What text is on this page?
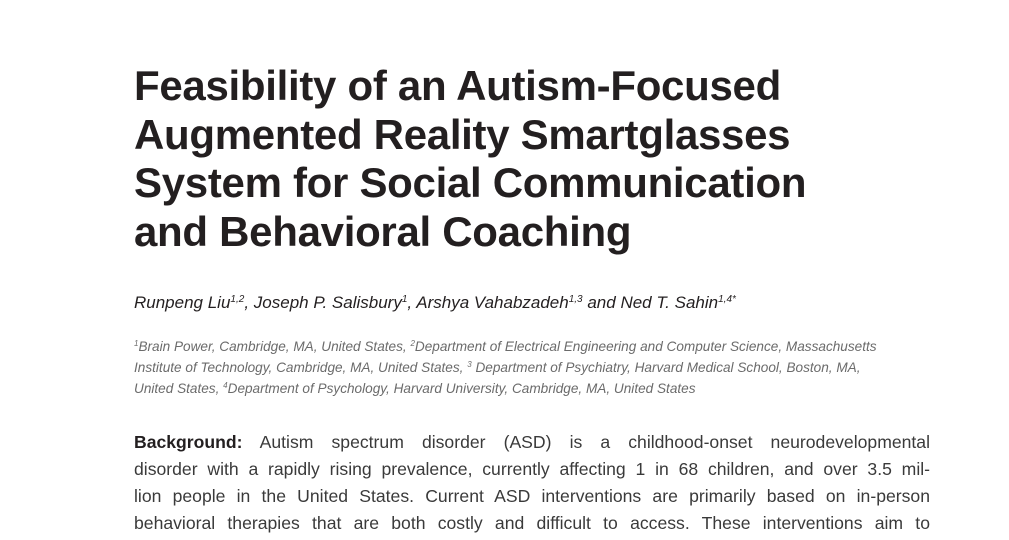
Feasibility of an Autism-Focused
Augmented Reality Smartglasses
System for Social Communication
and Behavioral Coaching
Runpeng Liu$^{1,2}$, Joseph P. Salisbury$^1$, Arshya Vahabzadeh$^{1,3}$ and Ned T. Sahin$^{1,4*}$
$^1$Brain Power, Cambridge, MA, United States, $^2$Department of Electrical Engineering and Computer Science, Massachusetts
Institute of Technology, Cambridge, MA, United States, $^3$ Department of Psychiatry, Harvard Medical School, Boston, MA,
United States, $^4$Department of Psychology, Harvard University, Cambridge, MA, United States
Background: Autism spectrum disorder (ASD) is a childhood-onset neurodevelopmental
disorder with a rapidly rising prevalence, currently affecting 1 in 68 children, and over 3.5 mil-
lion people in the United States. Current ASD interventions are primarily based on in-person
behavioral therapies that are both costly and difficult to access. These interventions aim to
